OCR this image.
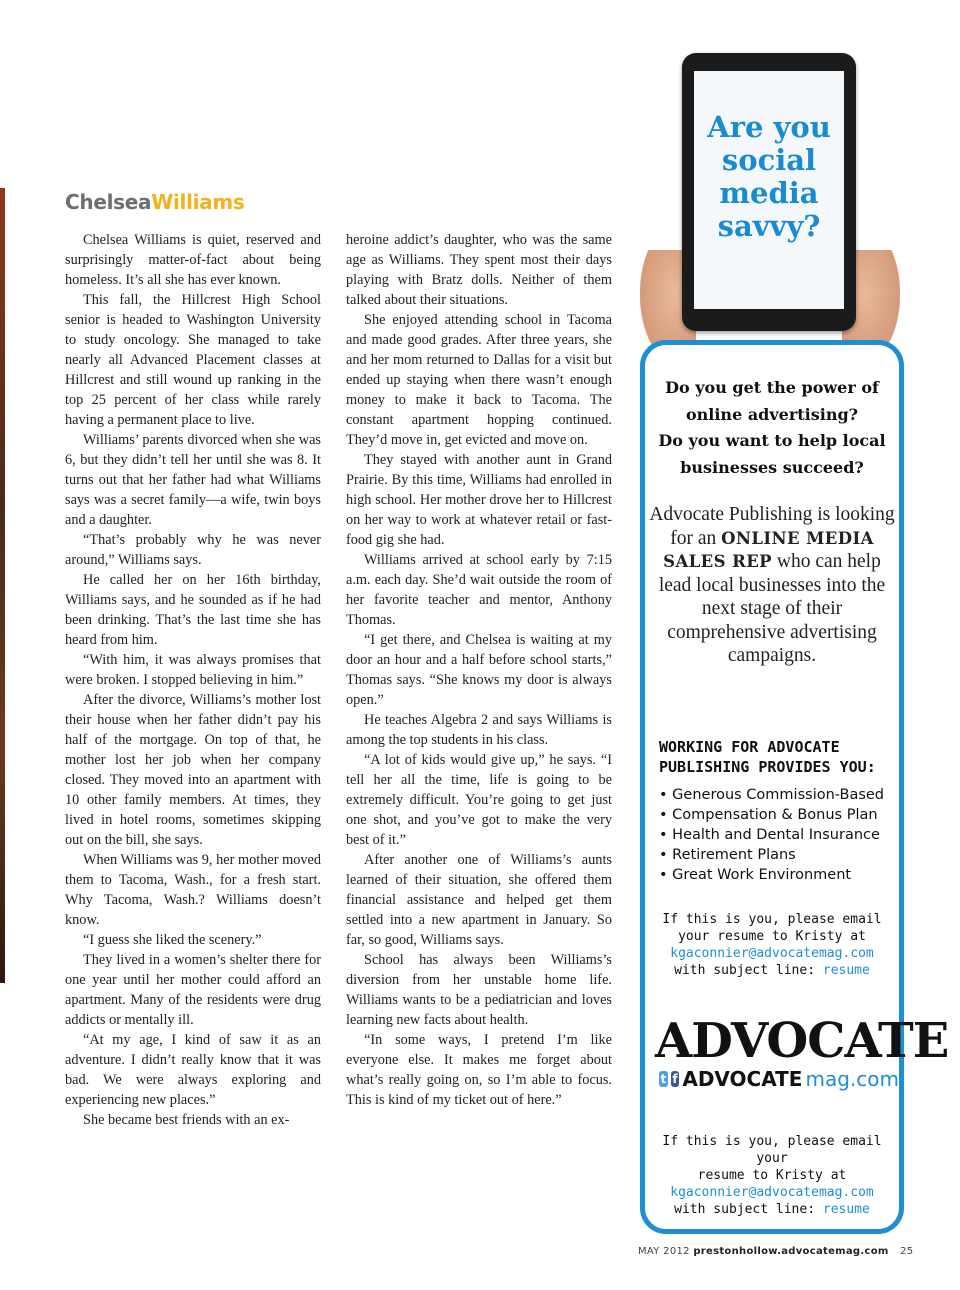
ChelseaWilliams

Chelsea Williams is quiet, reserved and surprisingly matter-of-fact about being homeless. It’s all she has ever known.

This fall, the Hillcrest High School senior is headed to Washington University to study oncology. She managed to take nearly all Advanced Placement classes at Hillcrest and still wound up ranking in the top 25 percent of her class while rarely having a permanent place to live.

Williams’ parents divorced when she was 6, but they didn’t tell her until she was 8. It turns out that her father had what Williams says was a secret family—a wife, twin boys and a daughter.

“That’s probably why he was never around,” Williams says.

He called her on her 16th birthday, Williams says, and he sounded as if he had been drinking. That’s the last time she has heard from him.

“With him, it was always promises that were broken. I stopped believing in him.”

After the divorce, Williams’s mother lost their house when her father didn’t pay his half of the mortgage. On top of that, he mother lost her job when her company closed. They moved into an apartment with 10 other family members. At times, they lived in hotel rooms, sometimes skipping out on the bill, she says.

When Williams was 9, her mother moved them to Tacoma, Wash., for a fresh start. Why Tacoma, Wash.? Williams doesn’t know.

“I guess she liked the scenery.”

They lived in a women’s shelter there for one year until her mother could afford an apartment. Many of the residents were drug addicts or mentally ill.

“At my age, I kind of saw it as an adventure. I didn’t really know that it was bad. We were always exploring and experiencing new places.”

She became best friends with an ex-

heroine addict’s daughter, who was the same age as Williams. They spent most their days playing with Bratz dolls. Neither of them talked about their situations.

She enjoyed attending school in Tacoma and made good grades. After three years, she and her mom returned to Dallas for a visit but ended up staying when there wasn’t enough money to make it back to Tacoma. The constant apartment hopping continued. They’d move in, get evicted and move on.

They stayed with another aunt in Grand Prairie. By this time, Williams had enrolled in high school. Her mother drove her to Hillcrest on her way to work at whatever retail or fast-food gig she had.

Williams arrived at school early by 7:15 a.m. each day. She’d wait outside the room of her favorite teacher and mentor, Anthony Thomas.

“I get there, and Chelsea is waiting at my door an hour and a half before school starts,” Thomas says. “She knows my door is always open.”

He teaches Algebra 2 and says Williams is among the top students in his class.

“A lot of kids would give up,” he says. “I tell her all the time, life is going to be extremely difficult. You’re going to get just one shot, and you’ve got to make the very best of it.”

After another one of Williams’s aunts learned of their situation, she offered them financial assistance and helped get them settled into a new apartment in January. So far, so good, Williams says.

School has always been Williams’s diversion from her unstable home life. Williams wants to be a pediatrician and loves learning new facts about health.

“In some ways, I pretend I’m like everyone else. It makes me forget about what’s really going on, so I’m able to focus. This is kind of my ticket out of here.”

Are you social media savvy?
Do you get the power of online advertising?
Do you want to help local businesses succeed?
Advocate Publishing is looking for an ONLINE MEDIA SALES REP who can help lead local businesses into the next stage of their comprehensive advertising campaigns.
WORKING FOR ADVOCATE PUBLISHING PROVIDES YOU:
• Generous Commission-Based
• Compensation & Bonus Plan
• Health and Dental Insurance
• Retirement Plans
• Great Work Environment
If this is you, please email
your resume to Kristy at
kgaconnier@advocatemag.com
with subject line: resume
ADVOCATE
t f ADVOCATE mag.com
If this is you, please email your
resume to Kristy at
kgaconnier@advocatemag.com
with subject line: resume
MAY 2012 prestonhollow.advocatemag.com 25
